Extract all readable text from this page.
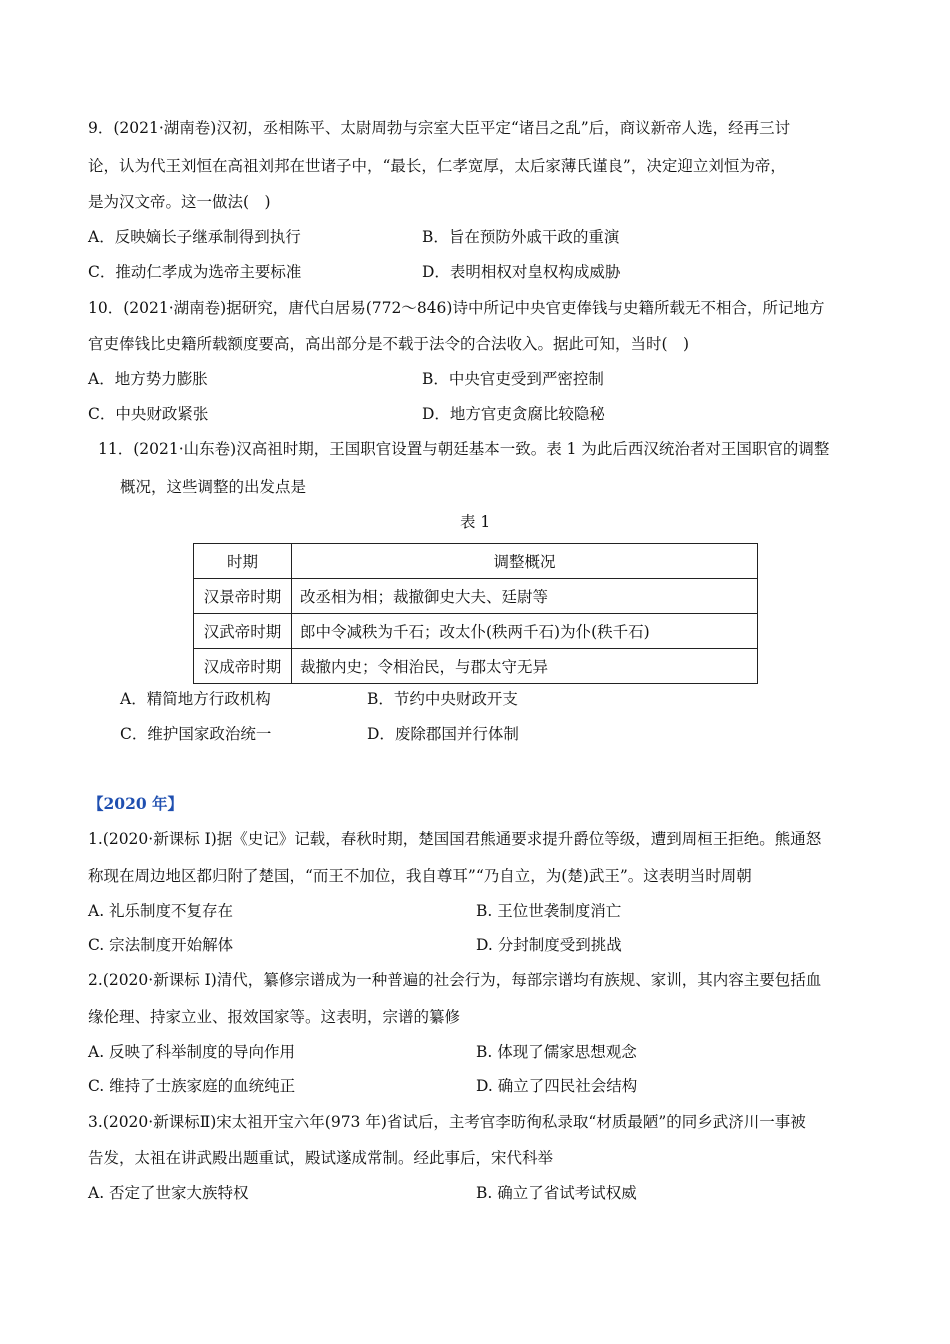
9．(2021·湖南卷)汉初，丞相陈平、太尉周勃与宗室大臣平定“诸吕之乱”后，商议新帝人选，经再三讨
论，认为代王刘恒在高祖刘邦在世诸子中，“最长，仁孝宽厚，太后家薄氏谨良”，决定迎立刘恒为帝，
是为汉文帝。这一做法(　)
A．反映嫡长子继承制得到执行	B．旨在预防外戚干政的重演
C．推动仁孝成为选帝主要标准	D．表明相权对皇权构成威胁
10．(2021·湖南卷)据研究，唐代白居易(772～846)诗中所记中央官吏俸钱与史籍所载无不相合，所记地方
官吏俸钱比史籍所载额度要高，高出部分是不载于法令的合法收入。据此可知，当时(　)
A．地方势力膨胀	B．中央官吏受到严密控制
C．中央财政紧张	D．地方官吏贪腐比较隐秘
11．(2021·山东卷)汉高祖时期，王国职官设置与朝廷基本一致。表 1 为此后西汉统治者对王国职官的调整
概况，这些调整的出发点是
表 1
时期	调整概况
汉景帝时期	改丞相为相；裁撤御史大夫、廷尉等
汉武帝时期	郎中令减秩为千石；改太仆(秩两千石)为仆(秩千石)
汉成帝时期	裁撤内史；令相治民，与郡太守无异
A．精简地方行政机构	B．节约中央财政开支
C．维护国家政治统一	D．废除郡国并行体制
【2020 年】
1.(2020·新课标 I)据《史记》记载，春秋时期，楚国国君熊通要求提升爵位等级，遭到周桓王拒绝。熊通怒
称现在周边地区都归附了楚国，“而王不加位，我自尊耳”“乃自立，为(楚)武王”。这表明当时周朝
A. 礼乐制度不复存在	B. 王位世袭制度消亡
C. 宗法制度开始解体	D. 分封制度受到挑战
2.(2020·新课标 I)清代，纂修宗谱成为一种普遍的社会行为，每部宗谱均有族规、家训，其内容主要包括血
缘伦理、持家立业、报效国家等。这表明，宗谱的纂修
A. 反映了科举制度的导向作用	B. 体现了儒家思想观念
C. 维持了士族家庭的血统纯正	D. 确立了四民社会结构
3.(2020·新课标Ⅱ)宋太祖开宝六年(973 年)省试后，主考官李昉徇私录取“材质最陋”的同乡武济川一事被
告发，太祖在讲武殿出题重试，殿试遂成常制。经此事后，宋代科举
A. 否定了世家大族特权	B. 确立了省试考试权威
